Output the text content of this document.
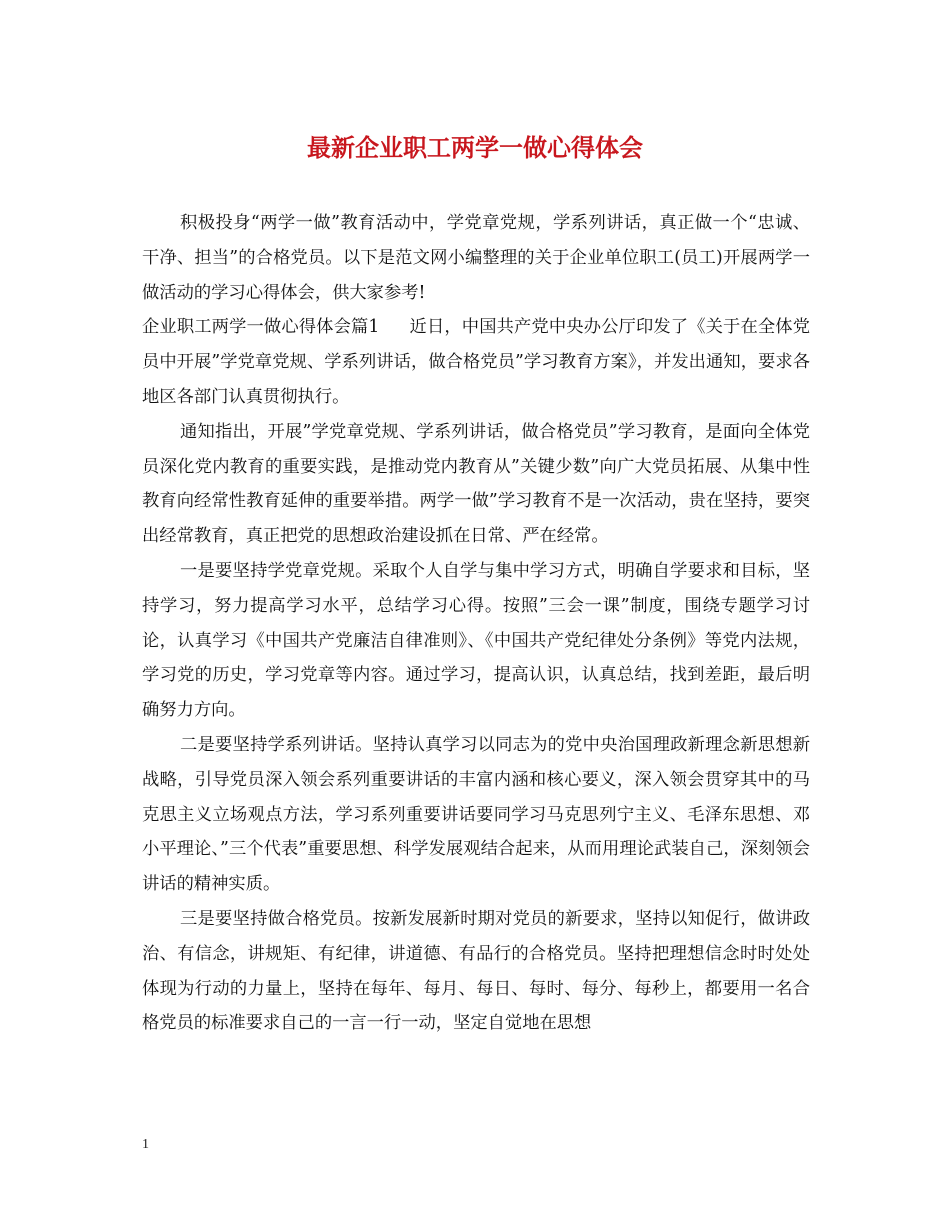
最新企业职工两学一做心得体会

积极投身“两学一做”教育活动中，学党章党规，学系列讲话，真正做一个“忠诚、干净、担当”的合格党员。以下是范文网小编整理的关于企业单位职工(员工)开展两学一做活动的学习心得体会，供大家参考!

企业职工两学一做心得体会篇1 近日，中国共产党中央办公厅印发了《关于在全体党员中开展”学党章党规、学系列讲话，做合格党员”学习教育方案》，并发出通知，要求各地区各部门认真贯彻执行。

通知指出，开展”学党章党规、学系列讲话，做合格党员”学习教育，是面向全体党员深化党内教育的重要实践，是推动党内教育从”关键少数”向广大党员拓展、从集中性教育向经常性教育延伸的重要举措。两学一做”学习教育不是一次活动，贵在坚持，要突出经常教育，真正把党的思想政治建设抓在日常、严在经常。

一是要坚持学党章党规。采取个人自学与集中学习方式，明确自学要求和目标，坚持学习，努力提高学习水平，总结学习心得。按照”三会一课”制度，围绕专题学习讨论，认真学习《中国共产党廉洁自律准则》、《中国共产党纪律处分条例》等党内法规，学习党的历史，学习党章等内容。通过学习，提高认识，认真总结，找到差距，最后明确努力方向。

二是要坚持学系列讲话。坚持认真学习以同志为的党中央治国理政新理念新思想新战略，引导党员深入领会系列重要讲话的丰富内涵和核心要义，深入领会贯穿其中的马克思主义立场观点方法，学习系列重要讲话要同学习马克思列宁主义、毛泽东思想、邓小平理论、”三个代表”重要思想、科学发展观结合起来，从而用理论武装自己，深刻领会讲话的精神实质。

三是要坚持做合格党员。按新发展新时期对党员的新要求，坚持以知促行，做讲政治、有信念，讲规矩、有纪律，讲道德、有品行的合格党员。坚持把理想信念时时处处体现为行动的力量上，坚持在每年、每月、每日、每时、每分、每秒上，都要用一名合格党员的标准要求自己的一言一行一动，坚定自觉地在思想

1
